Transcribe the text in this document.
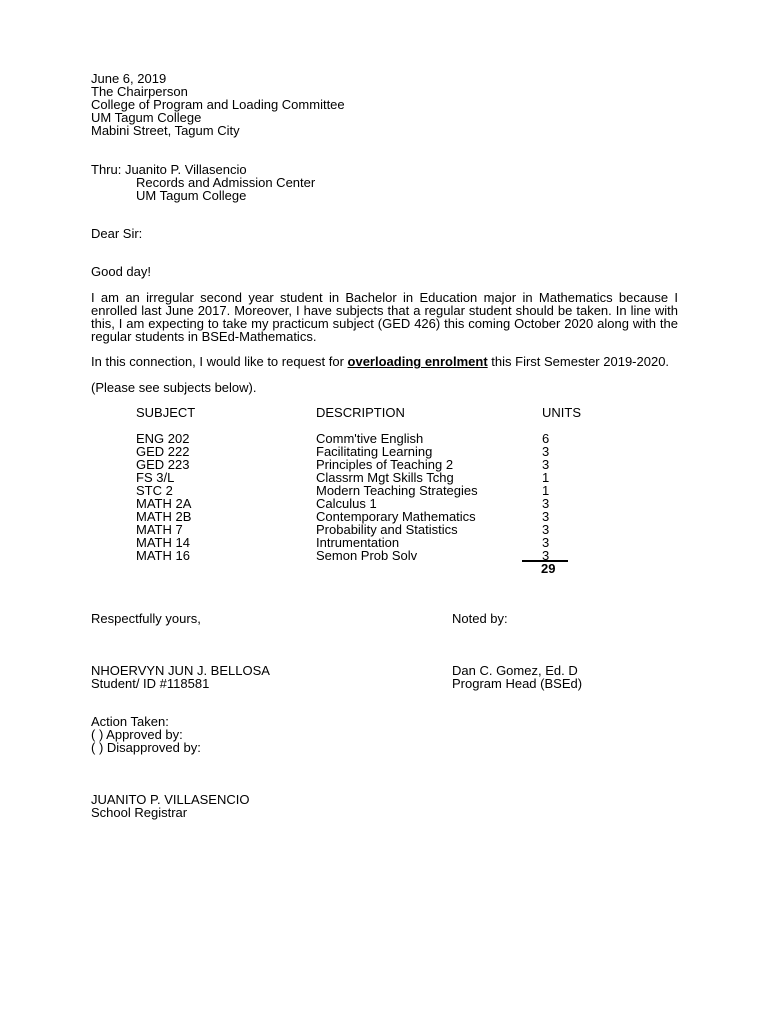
June 6, 2019
The Chairperson
College of Program and Loading Committee
UM Tagum College
Mabini Street, Tagum City
Thru: Juanito P. Villasencio
Records and Admission Center
UM Tagum College
Dear Sir:
Good day!
I am an irregular second year student in Bachelor in Education major in Mathematics because I enrolled last June 2017. Moreover, I have subjects that a regular student should be taken. In line with this, I am expecting to take my practicum subject (GED 426) this coming October 2020 along with the regular students in BSEd-Mathematics.
In this connection, I would like to request for overloading enrolment this First Semester 2019-2020.
(Please see subjects below).
SUBJECT	DESCRIPTION	UNITS
ENG 202	Comm'tive English	6
GED 222	Facilitating Learning	3
GED 223	Principles of Teaching 2	3
FS 3/L	Classrm Mgt Skills Tchg	1
STC 2	Modern Teaching Strategies	1
MATH 2A	Calculus 1	3
MATH 2B	Contemporary Mathematics	3
MATH 7	Probability and Statistics	3
MATH 14	Intrumentation	3
MATH 16	Semon Prob Solv	3
29
Respectfully yours,	Noted by:
NHOERVYN JUN J. BELLOSA	Dan C. Gomez, Ed. D
Student/ ID #118581	Program Head (BSEd)
Action Taken:
( ) Approved by:
( ) Disapproved by:
JUANITO P. VILLASENCIO
School Registrar
